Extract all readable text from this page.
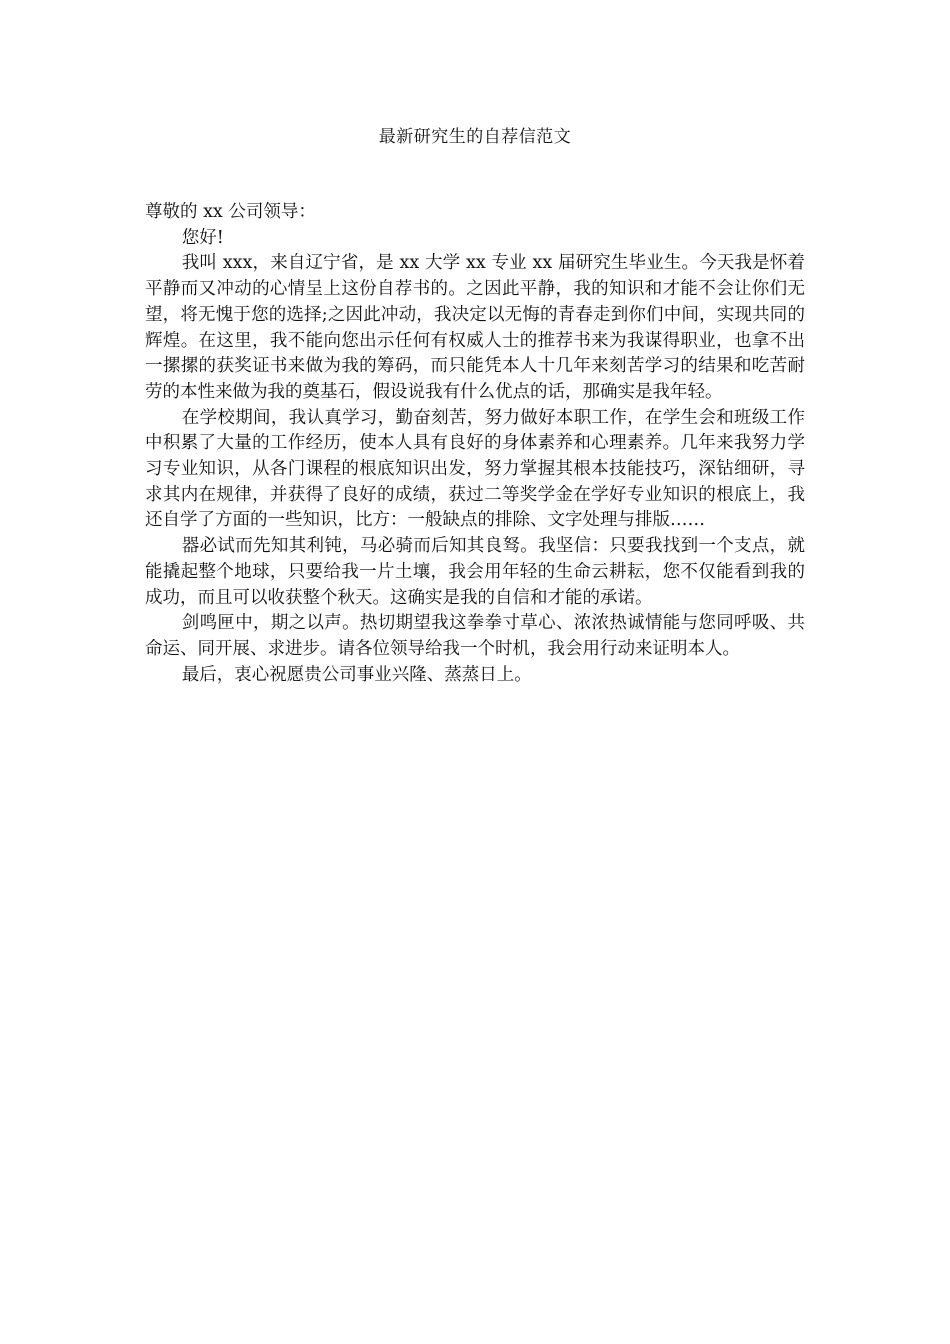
最新研究生的自荐信范文

尊敬的 xx 公司领导：

您好!

我叫 xxx，来自辽宁省，是 xx 大学 xx 专业 xx 届研究生毕业生。今天我是怀着平静而又冲动的心情呈上这份自荐书的。之因此平静，我的知识和才能不会让你们无望，将无愧于您的选择;之因此冲动，我决定以无悔的青春走到你们中间，实现共同的辉煌。在这里，我不能向您出示任何有权威人士的推荐书来为我谋得职业，也拿不出一摞摞的获奖证书来做为我的筹码，而只能凭本人十几年来刻苦学习的结果和吃苦耐劳的本性来做为我的奠基石，假设说我有什么优点的话，那确实是我年轻。

在学校期间，我认真学习，勤奋刻苦，努力做好本职工作，在学生会和班级工作中积累了大量的工作经历，使本人具有良好的身体素养和心理素养。几年来我努力学习专业知识，从各门课程的根底知识出发，努力掌握其根本技能技巧，深钻细研，寻求其内在规律，并获得了良好的成绩，获过二等奖学金在学好专业知识的根底上，我还自学了方面的一些知识，比方：一般缺点的排除、文字处理与排版……

器必试而先知其利钝，马必骑而后知其良驽。我坚信：只要我找到一个支点，就能撬起整个地球，只要给我一片土壤，我会用年轻的生命云耕耘，您不仅能看到我的成功，而且可以收获整个秋天。这确实是我的自信和才能的承诺。

剑鸣匣中，期之以声。热切期望我这拳拳寸草心、浓浓热诚情能与您同呼吸、共命运、同开展、求进步。请各位领导给我一个时机，我会用行动来证明本人。

最后，衷心祝愿贵公司事业兴隆、蒸蒸日上。
